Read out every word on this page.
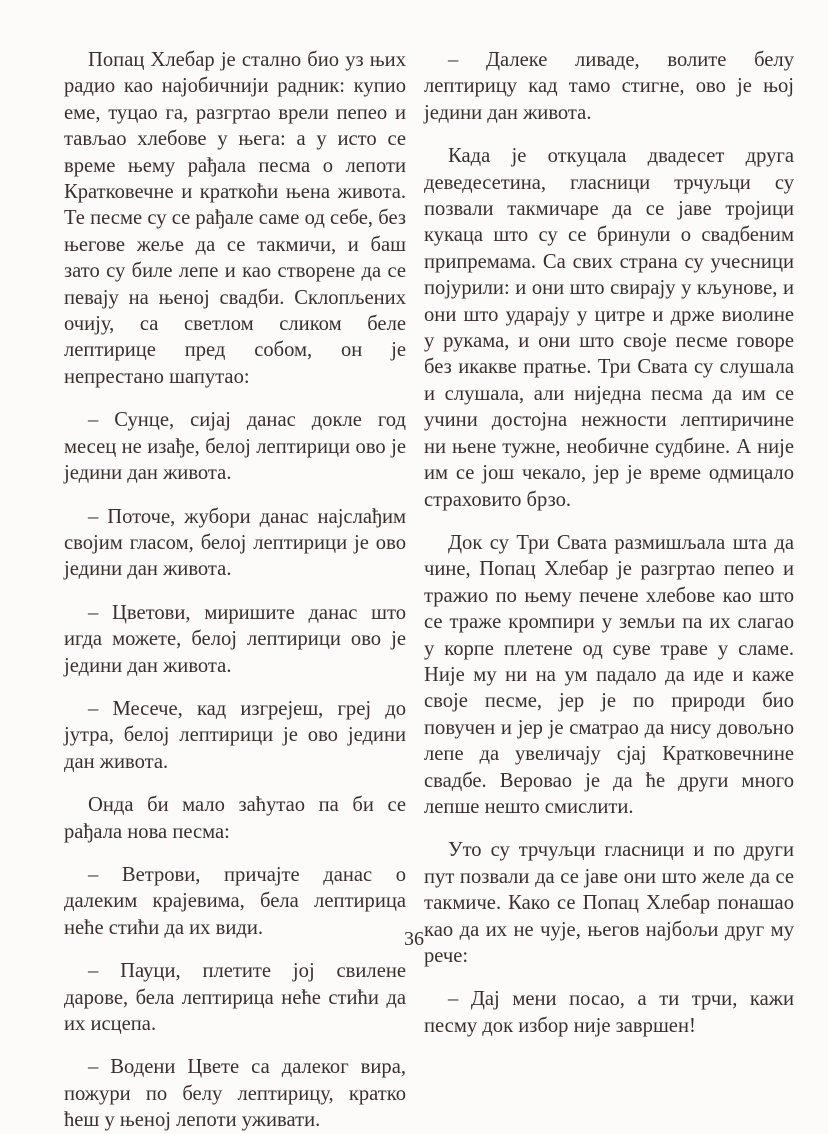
Попац Хлебар је стално био уз њих радио као најобичнији радник: купио еме, туцао га, разгртао врели пепео и тављао хлебове у њега: а у исто се време њему рађала песма о лепоти Кратковечне и краткоћи њена живота. Те песме су се рађале саме од себе, без његове жеље да се такмичи, и баш зато су биле лепе и као створене да се певају на њеној свадби. Склопљених очију, са светлом сликом беле лептирице пред собом, он је непрестано шапутао:

– Сунце, сијај данас докле год месец не изађе, белој лептирици ово је једини дан живота.

– Поточе, жубори данас најслађим својим гласом, белој лептирици је ово једини дан живота.

– Цветови, миришите данас што игда можете, белој лептирици ово је једини дан живота.

– Месече, кад изгрејеш, грej до јутра, белој лептирици је ово једини дан живота.

Онда би мало заћутао па би се рађала нова песма:

– Ветрови, причајте данас о далеким крајевима, бела лептирица неће стићи да их види.

– Пауци, плетите јој свилене дарове, бела лептирица неће стићи да их исцепа.

– Водени Цвете са далеког вира, пожури по белу лептирицу, кратко ћеш у њеној лепоти уживати.

– Далеке ливаде, волите белу лептирицу кад тамо стигне, ово је њој једини дан живота.

Када је откуцала двадесет друга деведесетина, гласници трчуљци су позвали такмичаре да се јаве тројици кукаца што су се бринули о свадбеним припремама. Са свих страна су учесници појурили: и они што свирају у кљунове, и они што ударају у цитре и држе виолине у рукама, и они што своје песме говоре без икакве пратње. Три Свата су слушала и слушала, али ниједна песма да им се учини достојна нежности лептиричине ни њене тужне, необичне судбине. А није им се још чекало, јер је време одмицало страховито брзо.

Док су Три Свата размишљала шта да чине, Попац Хлебар је разгртао пепео и тражио по њему печене хлебове као што се траже кромпири у земљи па их слагао у корпе плетене од суве траве у сламе. Није му ни на ум падало да иде и каже своје песме, јер је по природи био повучен и јер је сматрао да нису довољно лепе да увеличају сјај Кратковечнине свадбе. Веровао је да ће други много лепше нешто смислити.

Уто су трчуљци гласници и по други пут позвали да се јаве они што желе да се такмиче. Како се Попац Хлебар понашао као да их не чује, његов најбољи друг му рече:

– Дај мени посао, а ти трчи, кажи песму док избор није завршен!

36
